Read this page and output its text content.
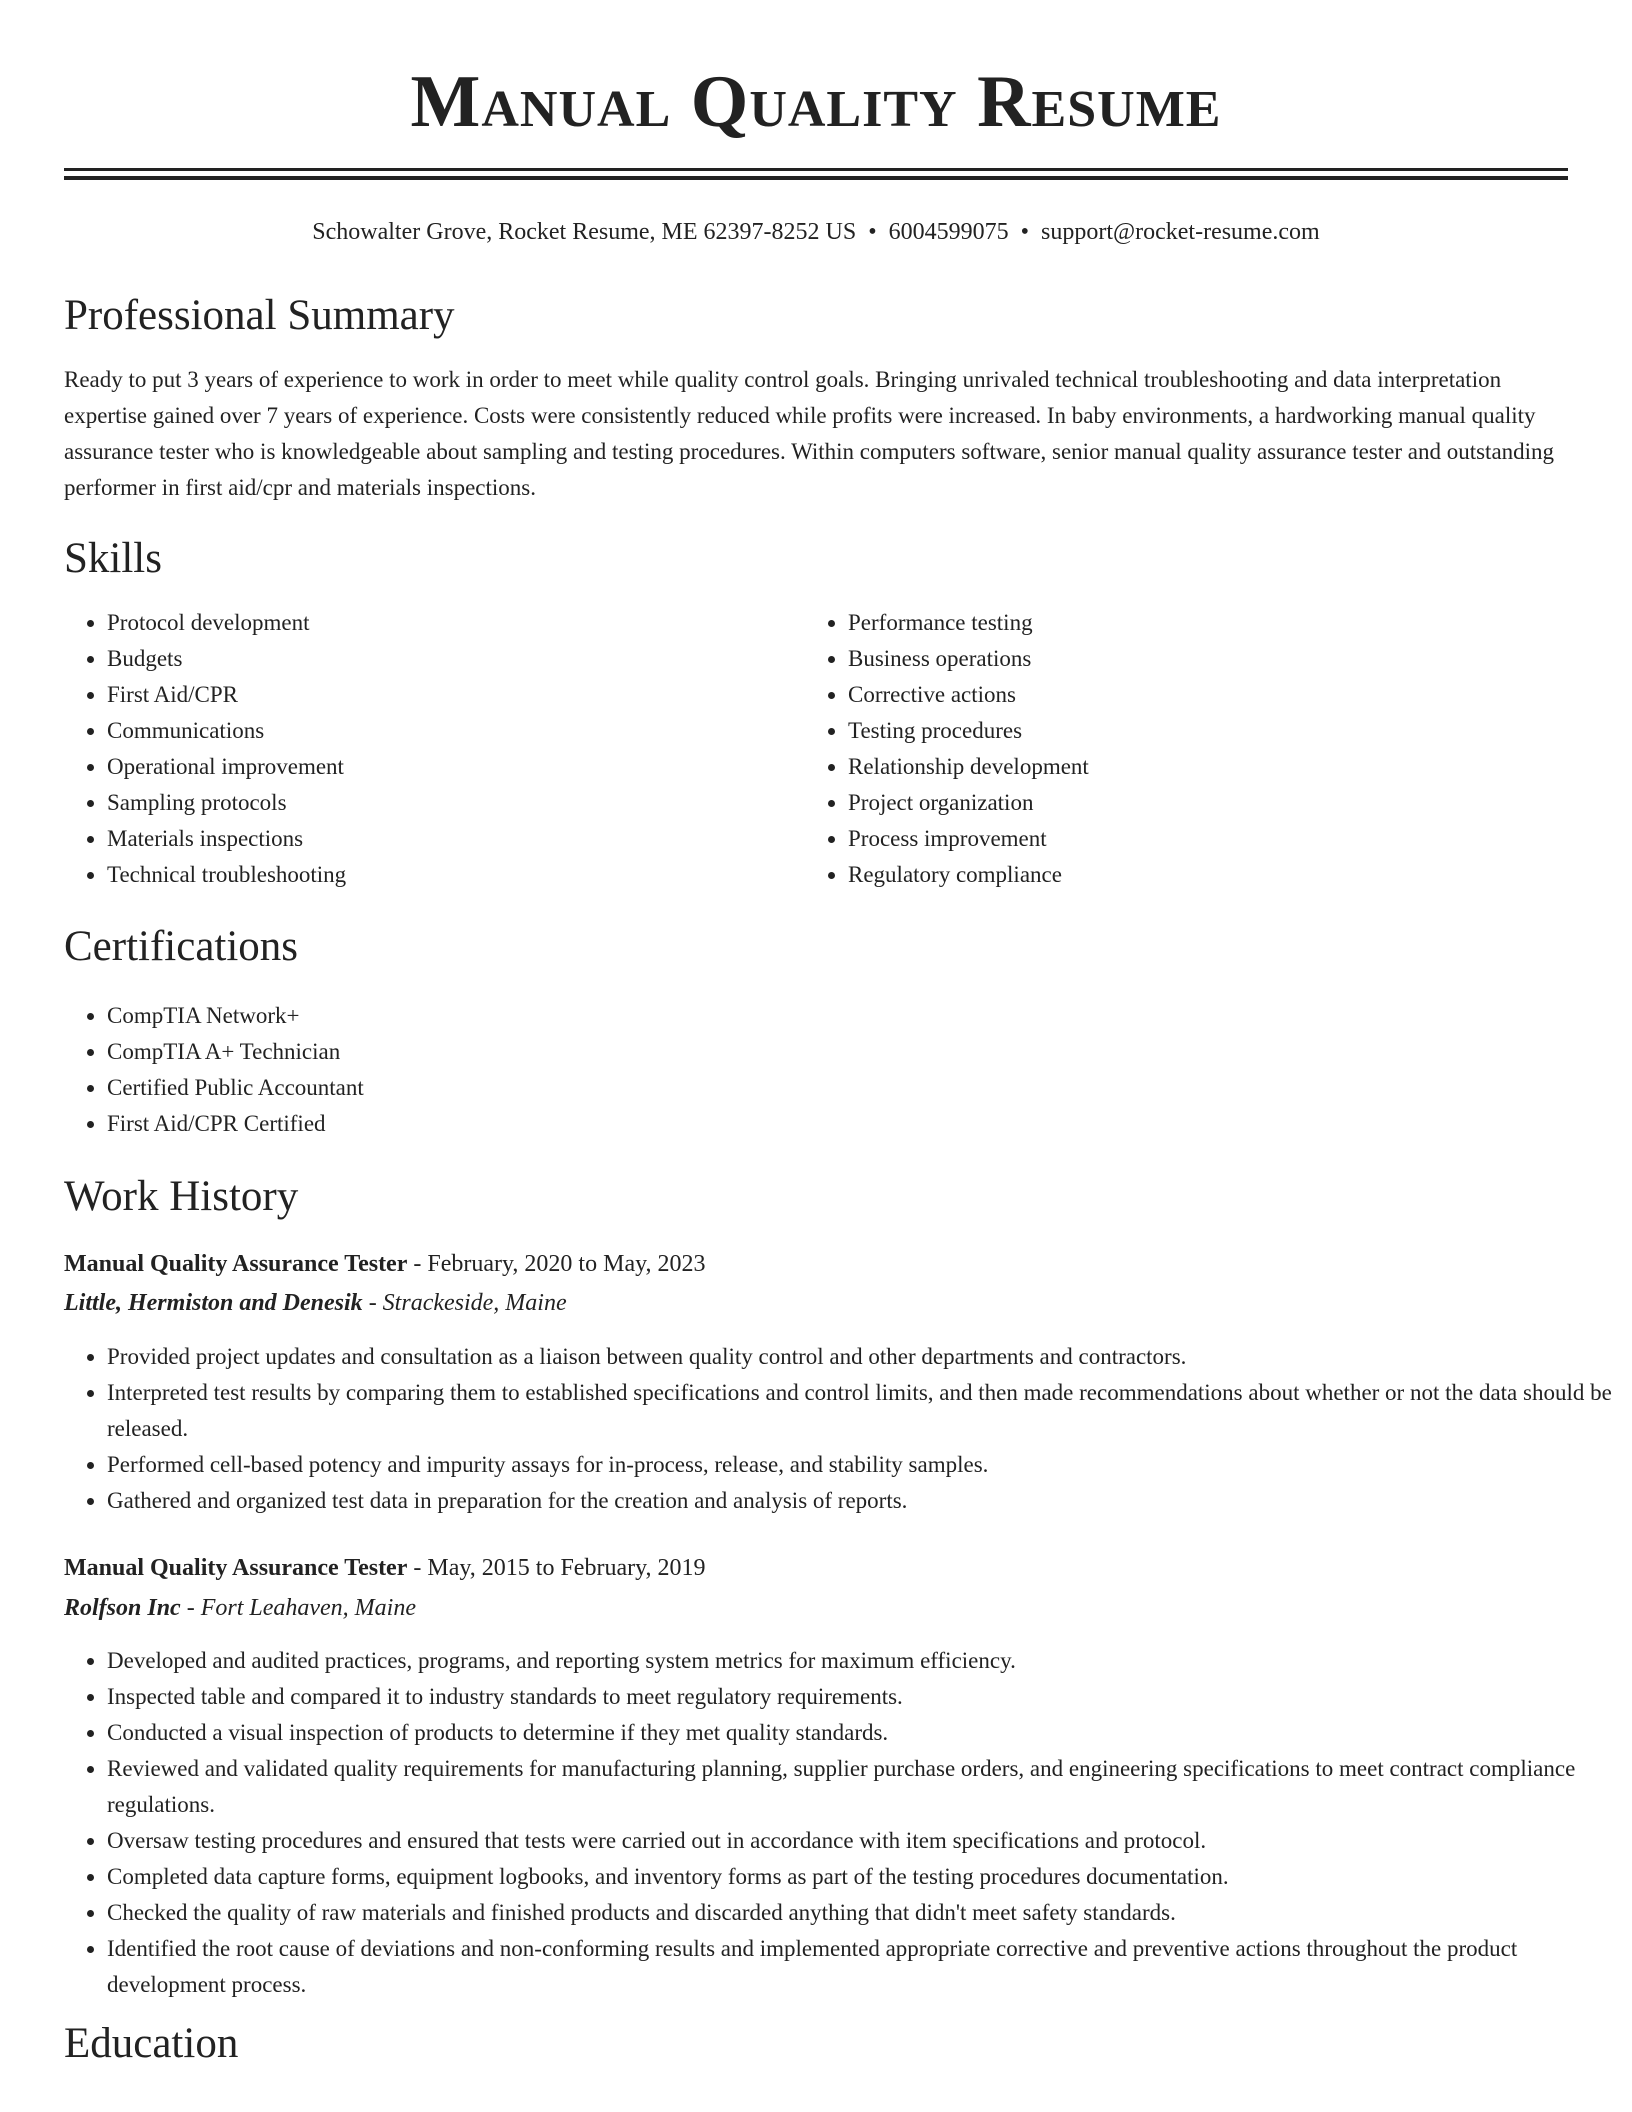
Manual Quality Resume
Schowalter Grove, Rocket Resume, ME 62397-8252 US • 6004599075 • support@rocket-resume.com
Professional Summary

Ready to put 3 years of experience to work in order to meet while quality control goals. Bringing unrivaled technical troubleshooting and data interpretation expertise gained over 7 years of experience. Costs were consistently reduced while profits were increased. In baby environments, a hardworking manual quality assurance tester who is knowledgeable about sampling and testing procedures. Within computers software, senior manual quality assurance tester and outstanding performer in first aid/cpr and materials inspections.

Skills
• Protocol development
• Budgets
• First Aid/CPR
• Communications
• Operational improvement
• Sampling protocols
• Materials inspections
• Technical troubleshooting
• Performance testing
• Business operations
• Corrective actions
• Testing procedures
• Relationship development
• Project organization
• Process improvement
• Regulatory compliance
Certifications
• CompTIA Network+
• CompTIA A+ Technician
• Certified Public Accountant
• First Aid/CPR Certified
Work History
Manual Quality Assurance Tester - February, 2020 to May, 2023
Little, Hermiston and Denesik - Strackeside, Maine
• Provided project updates and consultation as a liaison between quality control and other departments and contractors.
• Interpreted test results by comparing them to established specifications and control limits, and then made recommendations about whether or not the data should be released.
• Performed cell-based potency and impurity assays for in-process, release, and stability samples.
• Gathered and organized test data in preparation for the creation and analysis of reports.
Manual Quality Assurance Tester - May, 2015 to February, 2019
Rolfson Inc - Fort Leahaven, Maine
• Developed and audited practices, programs, and reporting system metrics for maximum efficiency.
• Inspected table and compared it to industry standards to meet regulatory requirements.
• Conducted a visual inspection of products to determine if they met quality standards.
• Reviewed and validated quality requirements for manufacturing planning, supplier purchase orders, and engineering specifications to meet contract compliance regulations.
• Oversaw testing procedures and ensured that tests were carried out in accordance with item specifications and protocol.
• Completed data capture forms, equipment logbooks, and inventory forms as part of the testing procedures documentation.
• Checked the quality of raw materials and finished products and discarded anything that didn't meet safety standards.
• Identified the root cause of deviations and non-conforming results and implemented appropriate corrective and preventive actions throughout the product development process.
Education
